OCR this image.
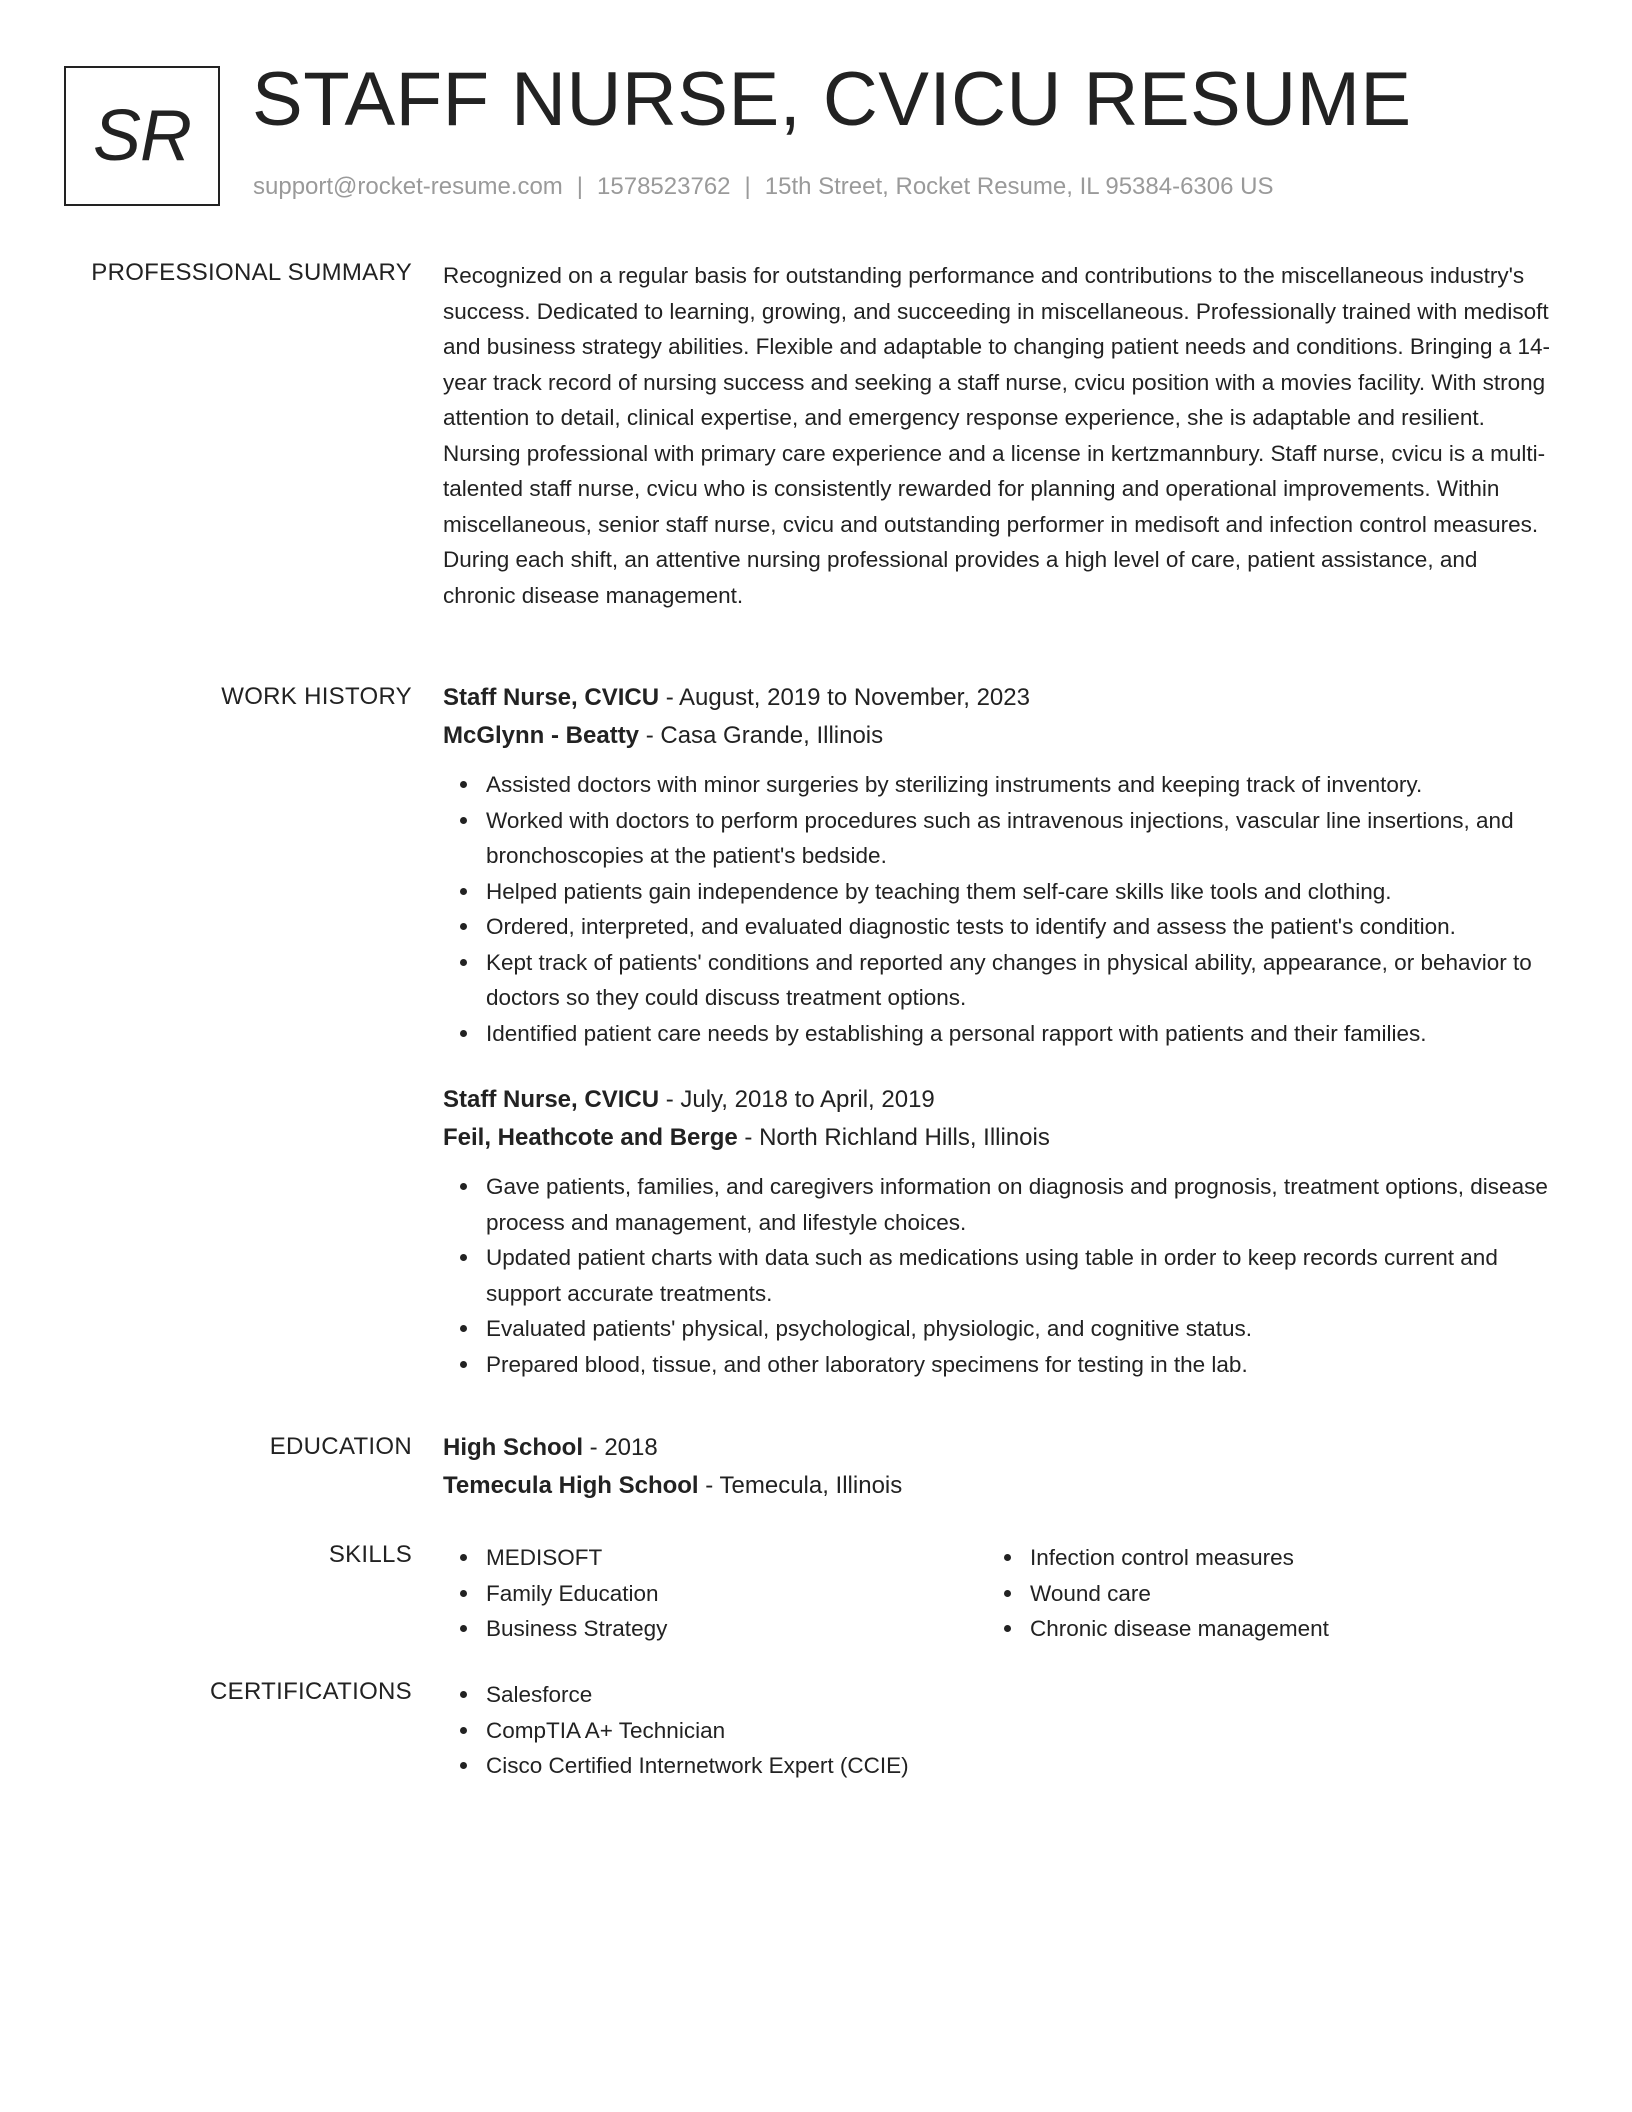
SR STAFF NURSE, CVICU RESUME
support@rocket-resume.com | 1578523762 | 15th Street, Rocket Resume, IL 95384-6306 US
PROFESSIONAL SUMMARY Recognized on a regular basis for outstanding performance and contributions to the miscellaneous industry's success. Dedicated to learning, growing, and succeeding in miscellaneous. Professionally trained with medisoft and business strategy abilities. Flexible and adaptable to changing patient needs and conditions. Bringing a 14-year track record of nursing success and seeking a staff nurse, cvicu position with a movies facility. With strong attention to detail, clinical expertise, and emergency response experience, she is adaptable and resilient. Nursing professional with primary care experience and a license in kertzmannbury. Staff nurse, cvicu is a multi-talented staff nurse, cvicu who is consistently rewarded for planning and operational improvements. Within miscellaneous, senior staff nurse, cvicu and outstanding performer in medisoft and infection control measures. During each shift, an attentive nursing professional provides a high level of care, patient assistance, and chronic disease management.

WORK HISTORY Staff Nurse, CVICU - August, 2019 to November, 2023
McGlynn - Beatty - Casa Grande, Illinois
Assisted doctors with minor surgeries by sterilizing instruments and keeping track of inventory.
Worked with doctors to perform procedures such as intravenous injections, vascular line insertions, and bronchoscopies at the patient's bedside.
Helped patients gain independence by teaching them self-care skills like tools and clothing.
Ordered, interpreted, and evaluated diagnostic tests to identify and assess the patient's condition.
Kept track of patients' conditions and reported any changes in physical ability, appearance, or behavior to doctors so they could discuss treatment options.
Identified patient care needs by establishing a personal rapport with patients and their families.
Staff Nurse, CVICU - July, 2018 to April, 2019
Feil, Heathcote and Berge - North Richland Hills, Illinois
Gave patients, families, and caregivers information on diagnosis and prognosis, treatment options, disease process and management, and lifestyle choices.
Updated patient charts with data such as medications using table in order to keep records current and support accurate treatments.
Evaluated patients' physical, psychological, physiologic, and cognitive status.
Prepared blood, tissue, and other laboratory specimens for testing in the lab.
EDUCATION High School - 2018
Temecula High School - Temecula, Illinois
SKILLS	MEDISOFT
Family Education
Business Strategy
Infection control measures
Wound care
Chronic disease management
CERTIFICATIONS	Salesforce
CompTIA A+ Technician
Cisco Certified Internetwork Expert (CCIE)
